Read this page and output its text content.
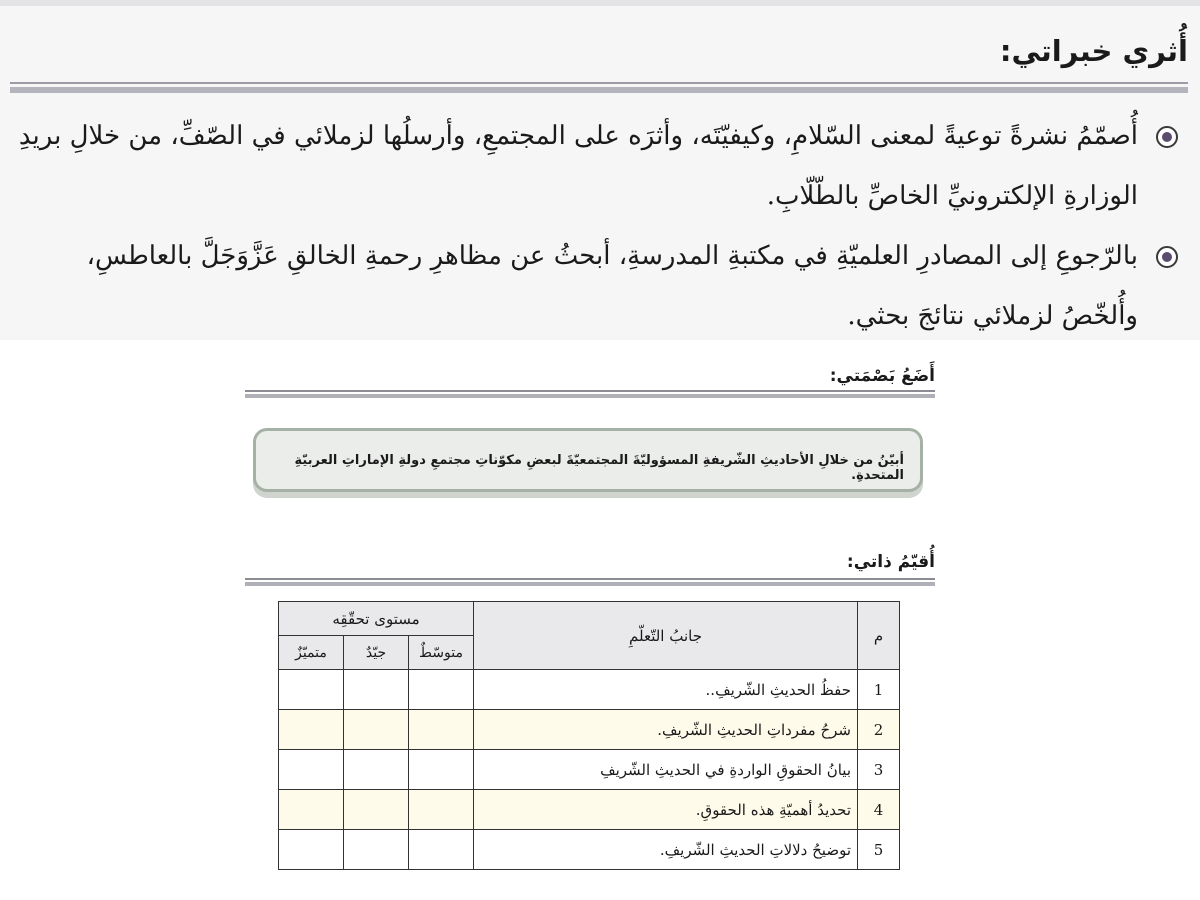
أُثري خبراتي:
أُصمّمُ نشرةً توعيةً لمعنى السّلامِ، وكيفيّتَه، وأثرَه على المجتمعِ، وأرسلُها لزملائي في الصّفِّ، من خلالِ بريدِ الوزارةِ الإلكترونيِّ الخاصِّ بالطّلّابِ.
بالرّجوعِ إلى المصادرِ العلميّةِ في مكتبةِ المدرسةِ، أبحثُ عن مظاهرِ رحمةِ الخالقِ عَزَّوَجَلَّ بالعاطسِ، وأُلخّصُ لزملائي نتائجَ بحثي.
أَضَعُ بَصْمَتي:
أبيّنُ من خلالِ الأحاديثِ الشّريفةِ المسؤوليّةَ المجتمعيّةَ لبعضِ مكوّناتِ مجتمعِ دولةِ الإماراتِ العربيّةِ المتحدةِ.
أُقيّمُ ذاتي:
م	جانبُ التّعلّمِ	مستوى تحقّقِه		
		متوسّطٌ	جيّدٌ	متميّزٌ
1	حفظُ الحديثِ الشّريفِ..			
2	شرحُ مفرداتِ الحديثِ الشّريفِ.			
3	بيانُ الحقوقِ الواردةِ في الحديثِ الشّريفِ			
4	تحديدُ أهميّةِ هذه الحقوقِ.			
5	توضيحُ دلالاتِ الحديثِ الشّريفِ.			
